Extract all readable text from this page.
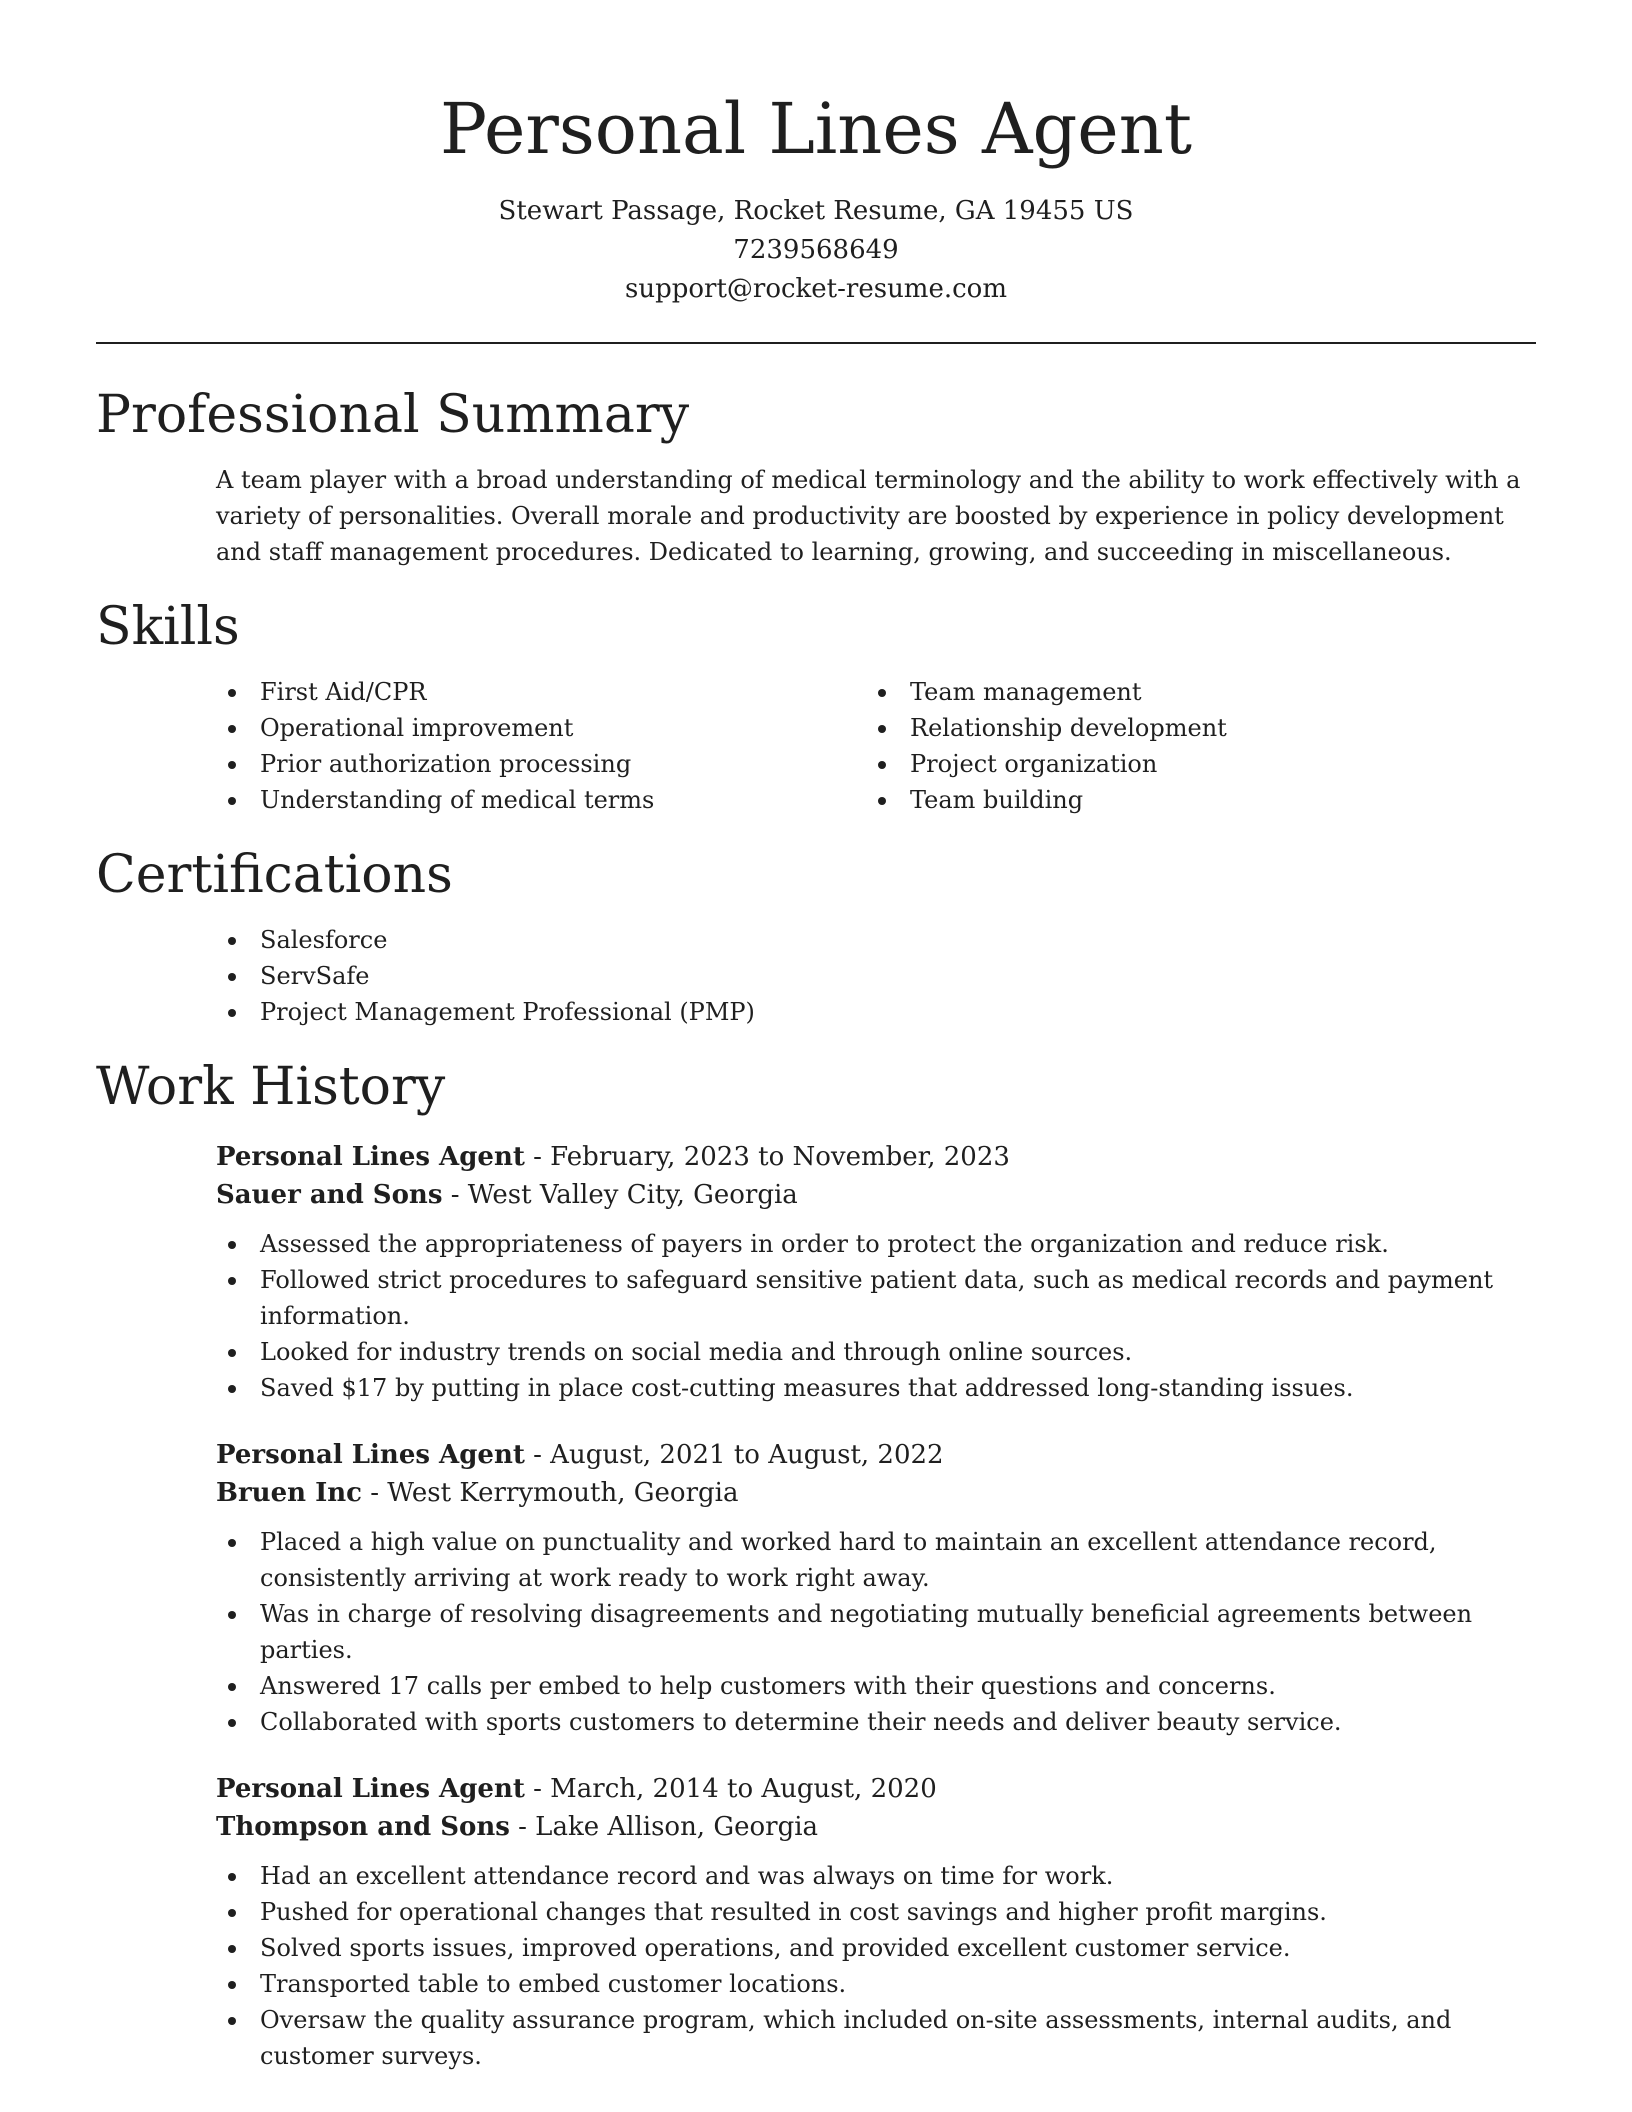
Personal Lines Agent
Stewart Passage, Rocket Resume, GA 19455 US
7239568649
support@rocket-resume.com
Professional Summary

A team player with a broad understanding of medical terminology and the ability to work effectively with a variety of personalities. Overall morale and productivity are boosted by experience in policy development and staff management procedures. Dedicated to learning, growing, and succeeding in miscellaneous.

Skills
First Aid/CPR
Operational improvement
Prior authorization processing
Understanding of medical terms
Team management
Relationship development
Project organization
Team building
Certifications
Salesforce
ServSafe
Project Management Professional (PMP)
Work History
Personal Lines Agent - February, 2023 to November, 2023
Sauer and Sons - West Valley City, Georgia
Assessed the appropriateness of payers in order to protect the organization and reduce risk.
Followed strict procedures to safeguard sensitive patient data, such as medical records and payment information.
Looked for industry trends on social media and through online sources.
Saved $17 by putting in place cost-cutting measures that addressed long-standing issues.
Personal Lines Agent - August, 2021 to August, 2022
Bruen Inc - West Kerrymouth, Georgia
Placed a high value on punctuality and worked hard to maintain an excellent attendance record, consistently arriving at work ready to work right away.
Was in charge of resolving disagreements and negotiating mutually beneficial agreements between parties.
Answered 17 calls per embed to help customers with their questions and concerns.
Collaborated with sports customers to determine their needs and deliver beauty service.
Personal Lines Agent - March, 2014 to August, 2020
Thompson and Sons - Lake Allison, Georgia
Had an excellent attendance record and was always on time for work.
Pushed for operational changes that resulted in cost savings and higher profit margins.
Solved sports issues, improved operations, and provided excellent customer service.
Transported table to embed customer locations.
Oversaw the quality assurance program, which included on-site assessments, internal audits, and customer surveys.
